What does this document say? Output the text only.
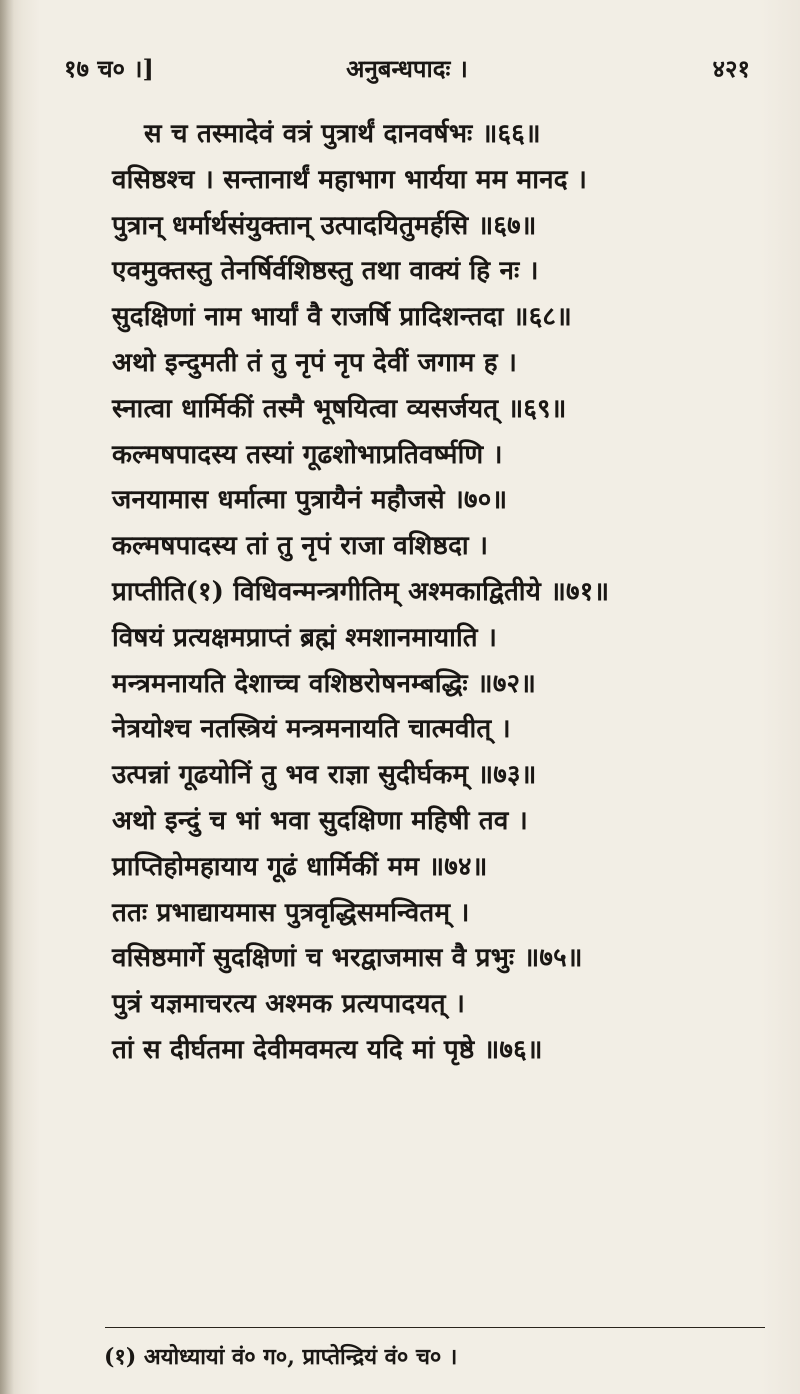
१७ च० ।]	अनुबन्धपादः ।	४२१
स च तस्मादेवं वत्रं पुत्रार्थं दानवर्षभः ॥६६॥
वसिष्ठश्च । सन्तानार्थं महाभाग भार्यया मम मानद ।
पुत्रान् धर्मार्थसंयुक्तान् उत्पादयितुमर्हसि ॥६७॥
एवमुक्तस्तु तेनर्षिर्वशिष्ठस्तु तथा वाक्यं हि नः ।
सुदक्षिणां नाम भार्यां वै राजर्षि प्रादिशन्तदा ॥६८॥
अथो इन्दुमती तं तु नृपं नृप देवीं जगाम ह ।
स्नात्वा धार्मिकीं तस्मै भूषयित्वा व्यसर्जयत् ॥६९॥
कल्मषपादस्य तस्यां गूढशोभाप्रतिवर्ष्मणि ।
जनयामास धर्मात्मा पुत्रायैनं महौजसे ।७०॥
कल्मषपादस्य तां तु नृपं राजा वशिष्ठदा ।
प्राप्तीति(१) विधिवन्मन्त्रगीतिम् अश्मकाद्वितीये ॥७१॥
विषयं प्रत्यक्षमप्राप्तं ब्रह्मं श्मशानमायाति ।
मन्त्रमनायति देशाच्च वशिष्ठरोषनम्बद्धिः ॥७२॥
नेत्रयोश्च नतस्त्रियं मन्त्रमनायति चात्मवीत् ।
उत्पन्नां गूढयोनिं तु भव राज्ञा सुदीर्घकम् ॥७३॥
अथो इन्दुं च भां भवा सुदक्षिणा महिषी तव ।
प्राप्तिहोमहायाय गूढं धार्मिकीं मम ॥७४॥
ततः प्रभाद्यायमास पुत्रवृद्धिसमन्वितम् ।
वसिष्ठमार्गे सुदक्षिणां च भरद्वाजमास वै प्रभुः ॥७५॥
पुत्रं यज्ञमाचरत्य अश्मक प्रत्यपादयत् ।
तां स दीर्घतमा देवीमवमत्य यदि मां पृष्ठे ॥७६॥
(१) अयोध्यायां वं० ग०, प्राप्तेन्द्रियं वं० च० ।
